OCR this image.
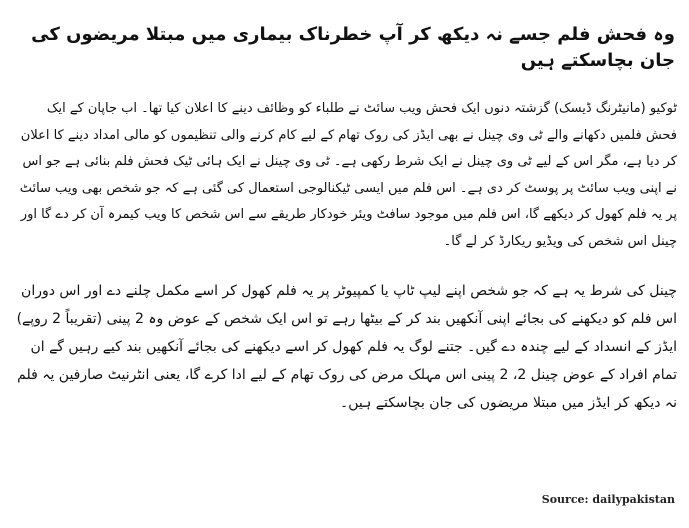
وہ فحش فلم جسے نہ دیکھ کر آپ خطرناک بیماری میں مبتلا مریضوں کی جان بچاسکتے ہیں

ٹوکیو (مانیٹرنگ ڈیسک) گزشتہ دنوں ایک فحش ویب سائٹ نے طلباء کو وظائف دینے کا اعلان کیا تھا۔ اب جاپان کے ایک فحش فلمیں دکھانے والے ٹی وی چینل نے بھی ایڈز کی روک تھام کے لیے کام کرنے والی تنظیموں کو مالی امداد دینے کا اعلان کر دیا ہے، مگر اس کے لیے ٹی وی چینل نے ایک شرط رکھی ہے۔ ٹی وی چینل نے ایک ہائی ٹیک فحش فلم بنائی ہے جو اس نے اپنی ویب سائٹ پر پوسٹ کر دی ہے۔ اس فلم میں ایسی ٹیکنالوجی استعمال کی گئی ہے کہ جو شخص بھی ویب سائٹ پر یہ فلم کھول کر دیکھے گا، اس فلم میں موجود سافٹ ویئر خودکار طریقے سے اس شخص کا ویب کیمرہ آن کر دے گا اور چینل اس شخص کی ویڈیو ریکارڈ کر لے گا۔

چینل کی شرط یہ ہے کہ جو شخص اپنے لیپ ٹاپ یا کمپیوٹر پر یہ فلم کھول کر اسے مکمل چلنے دے اور اس دوران اس فلم کو دیکھنے کی بجائے اپنی آنکھیں بند کر کے بیٹھا رہے تو اس ایک شخص کے عوض وہ 2 پینی (تقریباً 2 روپے) ایڈز کے انسداد کے لیے چندہ دے گیں۔ جتنے لوگ یہ فلم کھول کر اسے دیکھنے کی بجائے آنکھیں بند کیے رہیں گے ان تمام افراد کے عوض چینل 2، 2 پینی اس مہلک مرض کی روک تھام کے لیے ادا کرے گا، یعنی انٹرنیٹ صارفین یہ فلم نہ دیکھ کر ایڈز میں مبتلا مریضوں کی جان بچاسکتے ہیں۔

Source: dailypakistan
